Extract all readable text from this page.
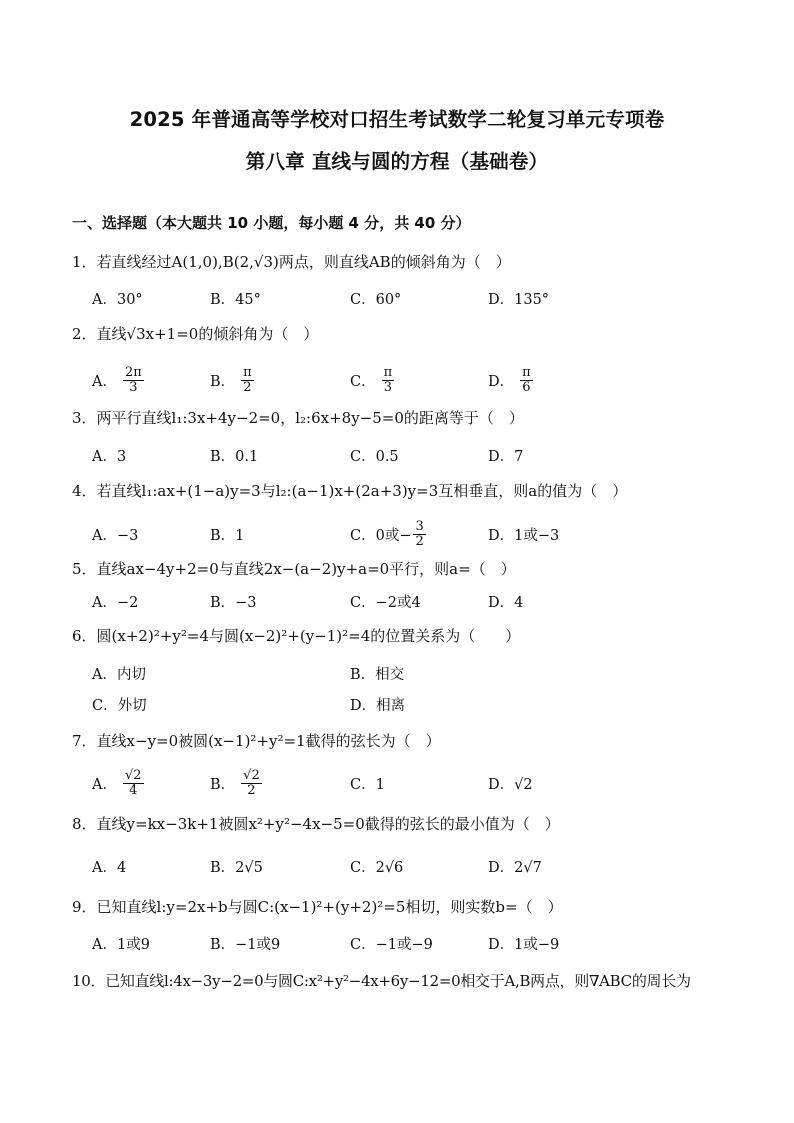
2025 年普通高等学校对口招生考试数学二轮复习单元专项卷
第八章 直线与圆的方程（基础卷）
一、选择题（本大题共 10 小题，每小题 4 分，共 40 分）
1．若直线经过A(1,0),B(2,√3)两点，则直线AB的倾斜角为（　）
A．30°	B．45°	C．60°	D．135°
2．直线√3x+1=0的倾斜角为（　）
A． $\frac{2\pi}{3}$	B． $\frac{\pi}{2}$	C． $\frac{\pi}{3}$	D． $\frac{\pi}{6}$
3．两平行直线l₁:3x+4y−2=0，l₂:6x+8y−5=0的距离等于（　）
A．3	B．0.1	C．0.5	D．7
4．若直线l₁:ax+(1−a)y=3与l₂:(a−1)x+(2a+3)y=3互相垂直，则a的值为（　）
A．−3	B．1	C．0或− $\frac{3}{2}$	D．1或−3
5．直线ax−4y+2=0与直线2x−(a−2)y+a=0平行，则a=（　）
A．−2	B．−3	C．−2或4	D．4
6．圆(x+2)²+y²=4与圆(x−2)²+(y−1)²=4的位置关系为（　　）
A．内切	B．相交
C．外切	D．相离
7．直线x−y=0被圆(x−1)²+y²=1截得的弦长为（　）
A． $\frac{√2}{4}$	B． $\frac{√2}{2}$	C．1	D．√2
8．直线y=kx−3k+1被圆x²+y²−4x−5=0截得的弦长的最小值为（　）
A．4	B．2√5	C．2√6	D．2√7
9．已知直线l:y=2x+b与圆C:(x−1)²+(y+2)²=5相切，则实数b=（　）
A．1或9	B．−1或9	C．−1或−9	D．1或−9
10．已知直线l:4x−3y−2=0与圆C:x²+y²−4x+6y−12=0相交于A,B两点，则∇ABC的周长为
